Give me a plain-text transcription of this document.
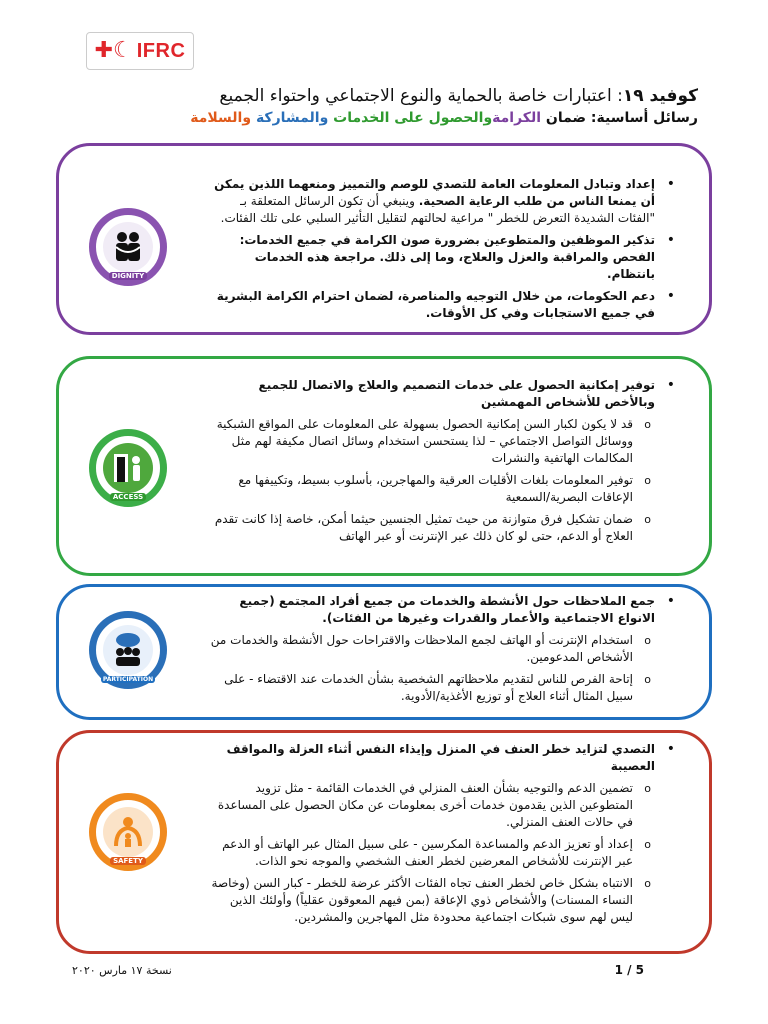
✚☾ IFRC
كوفيد ١٩: اعتبارات خاصة بالحماية والنوع الاجتماعي واحتواء الجميع
رسائل أساسية: ضمان الكرامةوالحصول على الخدمات والمشاركة والسلامة
DIGNITY

• إعداد وتبادل المعلومات العامة للتصدي للوصم والتمييز ومنعهما اللذين يمكن أن يمنعا الناس من طلب الرعاية الصحية. وينبغي أن تكون الرسائل المتعلقة بـ "الفئات الشديدة التعرض للخطر " مراعية لحالتهم لتقليل التأثير السلبي على تلك الفئات.

• تذكير الموظفين والمتطوعين بضرورة صون الكرامة في جميع الخدمات: الفحص والمراقبة والعزل والعلاج، وما إلى ذلك. مراجعة هذه الخدمات بانتظام.

• دعم الحكومات، من خلال التوجيه والمناصرة، لضمان احترام الكرامة البشرية في جميع الاستجابات وفي كل الأوقات.

ACCESS

• توفير إمكانية الحصول على خدمات التصميم والعلاج والاتصال للجميع وبالأخص للأشخاص المهمشين

o قد لا يكون لكبار السن إمكانية الحصول بسهولة على المعلومات على المواقع الشبكية ووسائل التواصل الاجتماعي – لذا يستحسن استخدام وسائل اتصال مكيفة لهم مثل المكالمات الهاتفية والنشرات

o توفير المعلومات بلغات الأقليات العرقية والمهاجرين، بأسلوب بسيط، وتكييفها مع الإعاقات البصرية/السمعية

o ضمان تشكيل فرق متوازنة من حيث تمثيل الجنسين حيثما أمكن، خاصة إذا كانت تقدم العلاج أو الدعم، حتى لو كان ذلك عبر الإنترنت أو عبر الهاتف

PARTICIPATION

• جمع الملاحظات حول الأنشطة والخدمات من جميع أفراد المجتمع (جميع الانواع الاجتماعية والأعمار والقدرات وغيرها من الفئات).

o استخدام الإنترنت أو الهاتف لجمع الملاحظات والاقتراحات حول الأنشطة والخدمات من الأشخاص المدعومين.

o إتاحة الفرص للناس لتقديم ملاحظاتهم الشخصية بشأن الخدمات عند الاقتضاء - على سبيل المثال أثناء العلاج أو توزيع الأغذية/الأدوية.

SAFETY

• التصدي لتزايد خطر العنف في المنزل وإيذاء النفس أثناء العزلة والمواقف العصيبة

o تضمين الدعم والتوجيه بشأن العنف المنزلي في الخدمات القائمة - مثل تزويد المتطوعين الذين يقدمون خدمات أخرى بمعلومات عن مكان الحصول على المساعدة في حالات العنف المنزلي.

o إعداد أو تعزيز الدعم والمساعدة المكرسين - على سبيل المثال عبر الهاتف أو الدعم عبر الإنترنت للأشخاص المعرضين لخطر العنف الشخصي والموجه نحو الذات.

o الانتباه بشكل خاص لخطر العنف تجاه الفئات الأكثر عرضة للخطر - كبار السن (وخاصة النساء المسنات) والأشخاص ذوي الإعاقة (بمن فيهم المعوقون عقلياً) وأولئك الذين ليس لهم سوى شبكات اجتماعية محدودة مثل المهاجرين والمشردين.

نسخة ١٧ مارس ٢٠٢٠	1 / 5
